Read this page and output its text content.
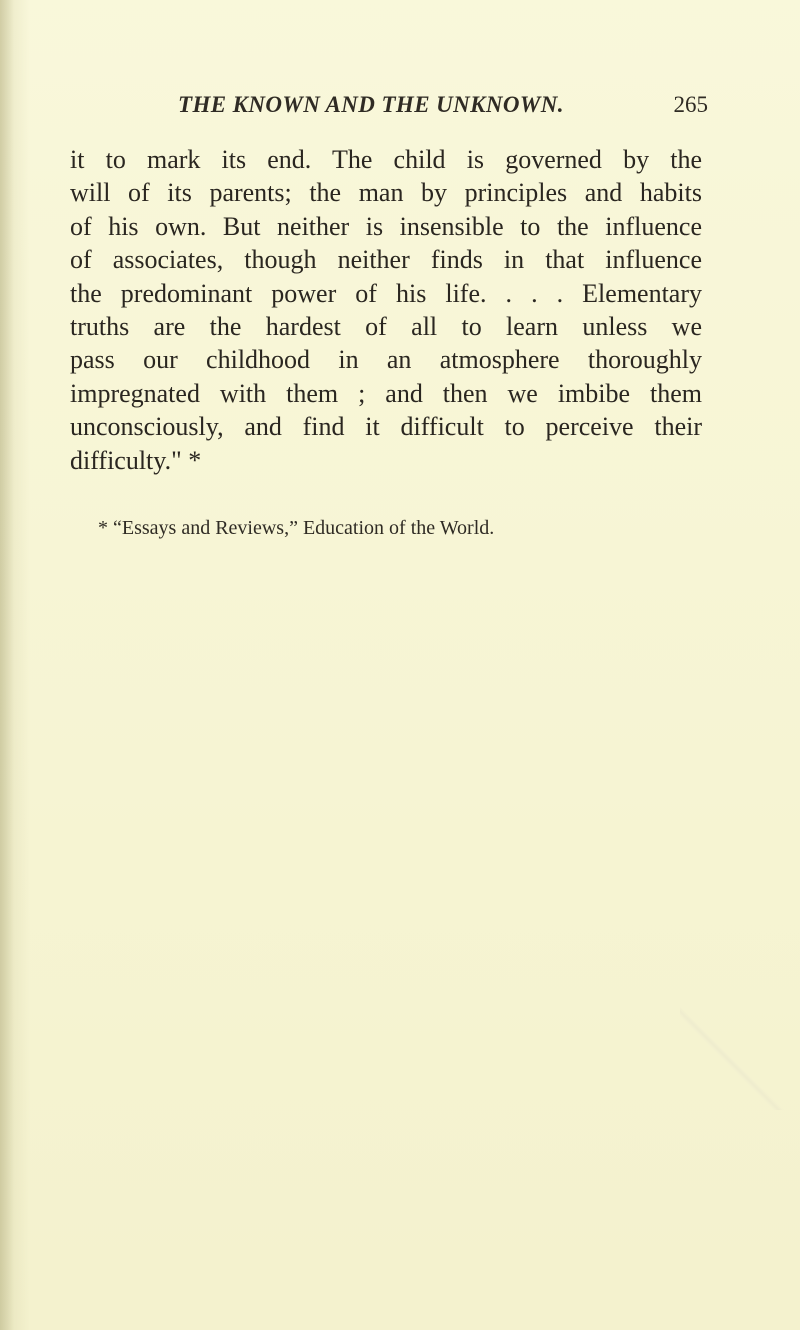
THE KNOWN AND THE UNKNOWN.	265
it to mark its end. The child is governed by the
will of its parents; the man by principles and habits
of his own. But neither is insensible to the influence
of associates, though neither finds in that influence
the predominant power of his life. . . . Elementary
truths are the hardest of all to learn unless we
pass our childhood in an atmosphere thoroughly
impregnated with them ; and then we imbibe them
unconsciously, and find it difficult to perceive their
difficulty." *
* “Essays and Reviews,” Education of the World.
